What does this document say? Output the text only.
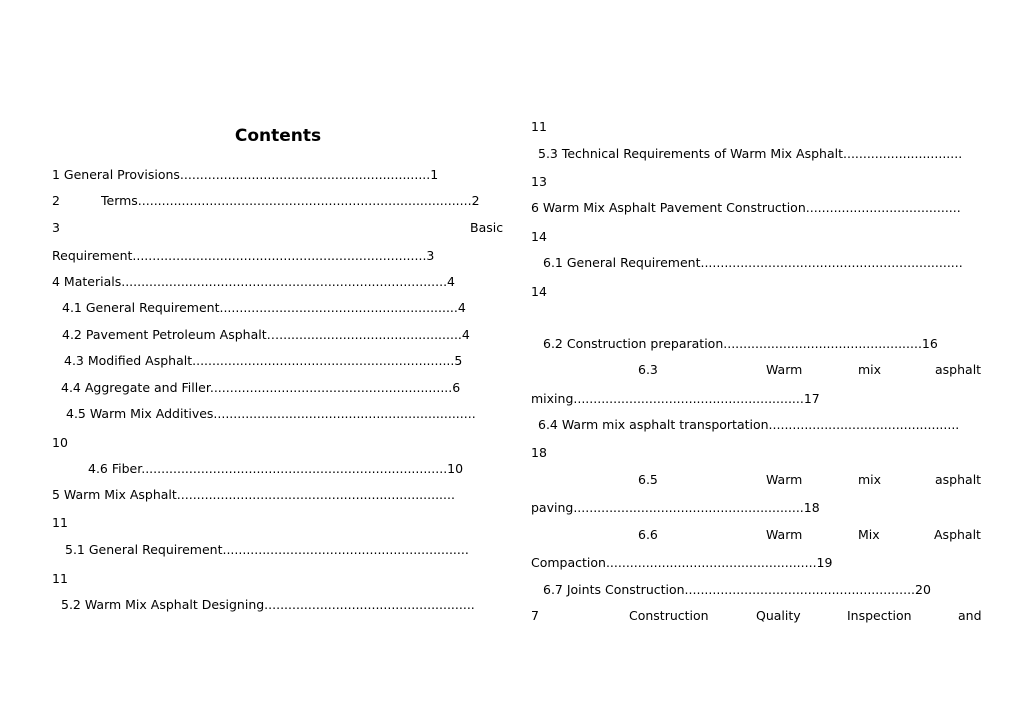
Contents
1 General Provisions...............................................................1
2	Terms....................................................................................2
3	Basic
Requirement..........................................................................3
4 Materials..................................................................................4
4.1 General Requirement............................................................4
4.2 Pavement Petroleum Asphalt…..............................................4
4.3 Modified Asphalt..................................................................5
4.4 Aggregate and Filler.............................................................6
4.5 Warm Mix Additives..................................................................
10
4.6 Fiber.............................................................................10
5 Warm Mix Asphalt......................................................................
11
5.1 General Requirement..............................................................
11
5.2 Warm Mix Asphalt Designing.....................................................
11
5.3 Technical Requirements of Warm Mix Asphalt..............................
13
6 Warm Mix Asphalt Pavement Construction.......................................
14
6.1 General Requirement..................................................................
14
6.2 Construction preparation..................................................16
6.3	Warm	mix	asphalt
mixing..........................................................17
6.4 Warm mix asphalt transportation................................................
18
6.5	Warm	mix	asphalt
paving..........................................................18
6.6	Warm	Mix	Asphalt
Compaction.....................................................19
6.7 Joints Construction..........................................................20
7	Construction	Quality	Inspection	and
